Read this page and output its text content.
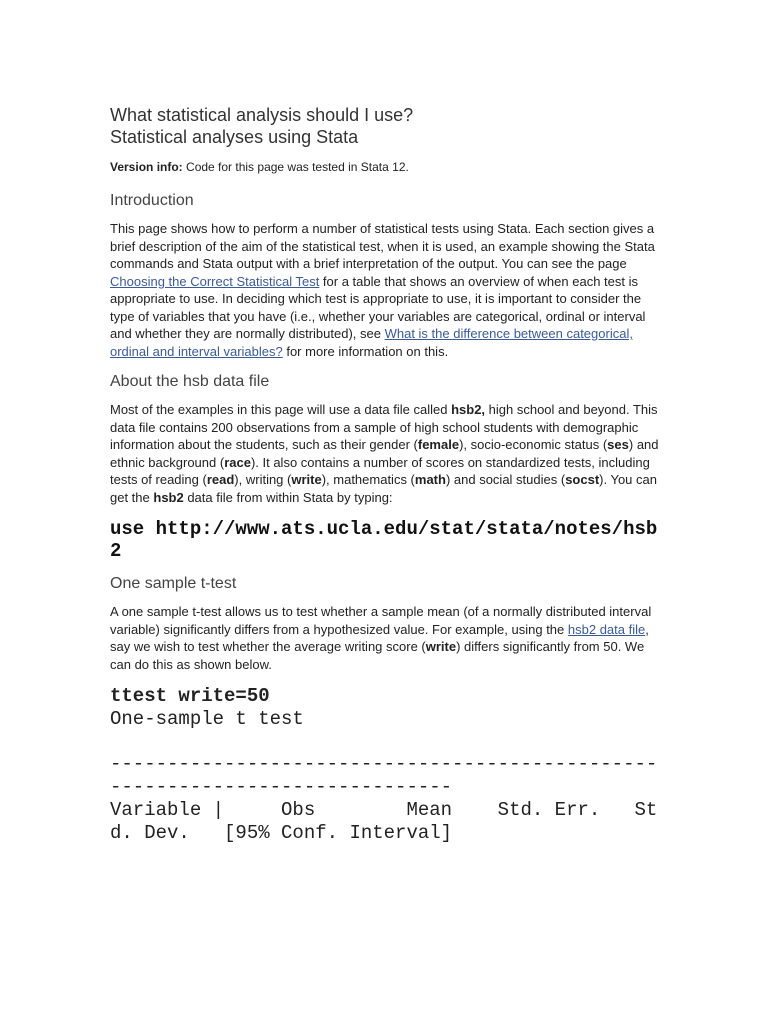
What statistical analysis should I use?
Statistical analyses using Stata

Version info: Code for this page was tested in Stata 12.

Introduction

This page shows how to perform a number of statistical tests using Stata. Each section gives a brief description of the aim of the statistical test, when it is used, an example showing the Stata commands and Stata output with a brief interpretation of the output. You can see the page Choosing the Correct Statistical Test for a table that shows an overview of when each test is appropriate to use. In deciding which test is appropriate to use, it is important to consider the type of variables that you have (i.e., whether your variables are categorical, ordinal or interval and whether they are normally distributed), see What is the difference between categorical, ordinal and interval variables? for more information on this.

About the hsb data file

Most of the examples in this page will use a data file called hsb2, high school and beyond. This data file contains 200 observations from a sample of high school students with demographic information about the students, such as their gender (female), socio-economic status (ses) and ethnic background (race). It also contains a number of scores on standardized tests, including tests of reading (read), writing (write), mathematics (math) and social studies (socst). You can get the hsb2 data file from within Stata by typing:

use http://www.ats.ucla.edu/stat/stata/notes/hsb2
One sample t-test

A one sample t-test allows us to test whether a sample mean (of a normally distributed interval variable) significantly differs from a hypothesized value. For example, using the hsb2 data file, say we wish to test whether the average writing score (write) differs significantly from 50. We can do this as shown below.

ttest write=50
One-sample t test
------------------------------------------------------------------------------
Variable |     Obs        Mean    Std. Err.   Std. Dev.   [95% Conf. Interval]
